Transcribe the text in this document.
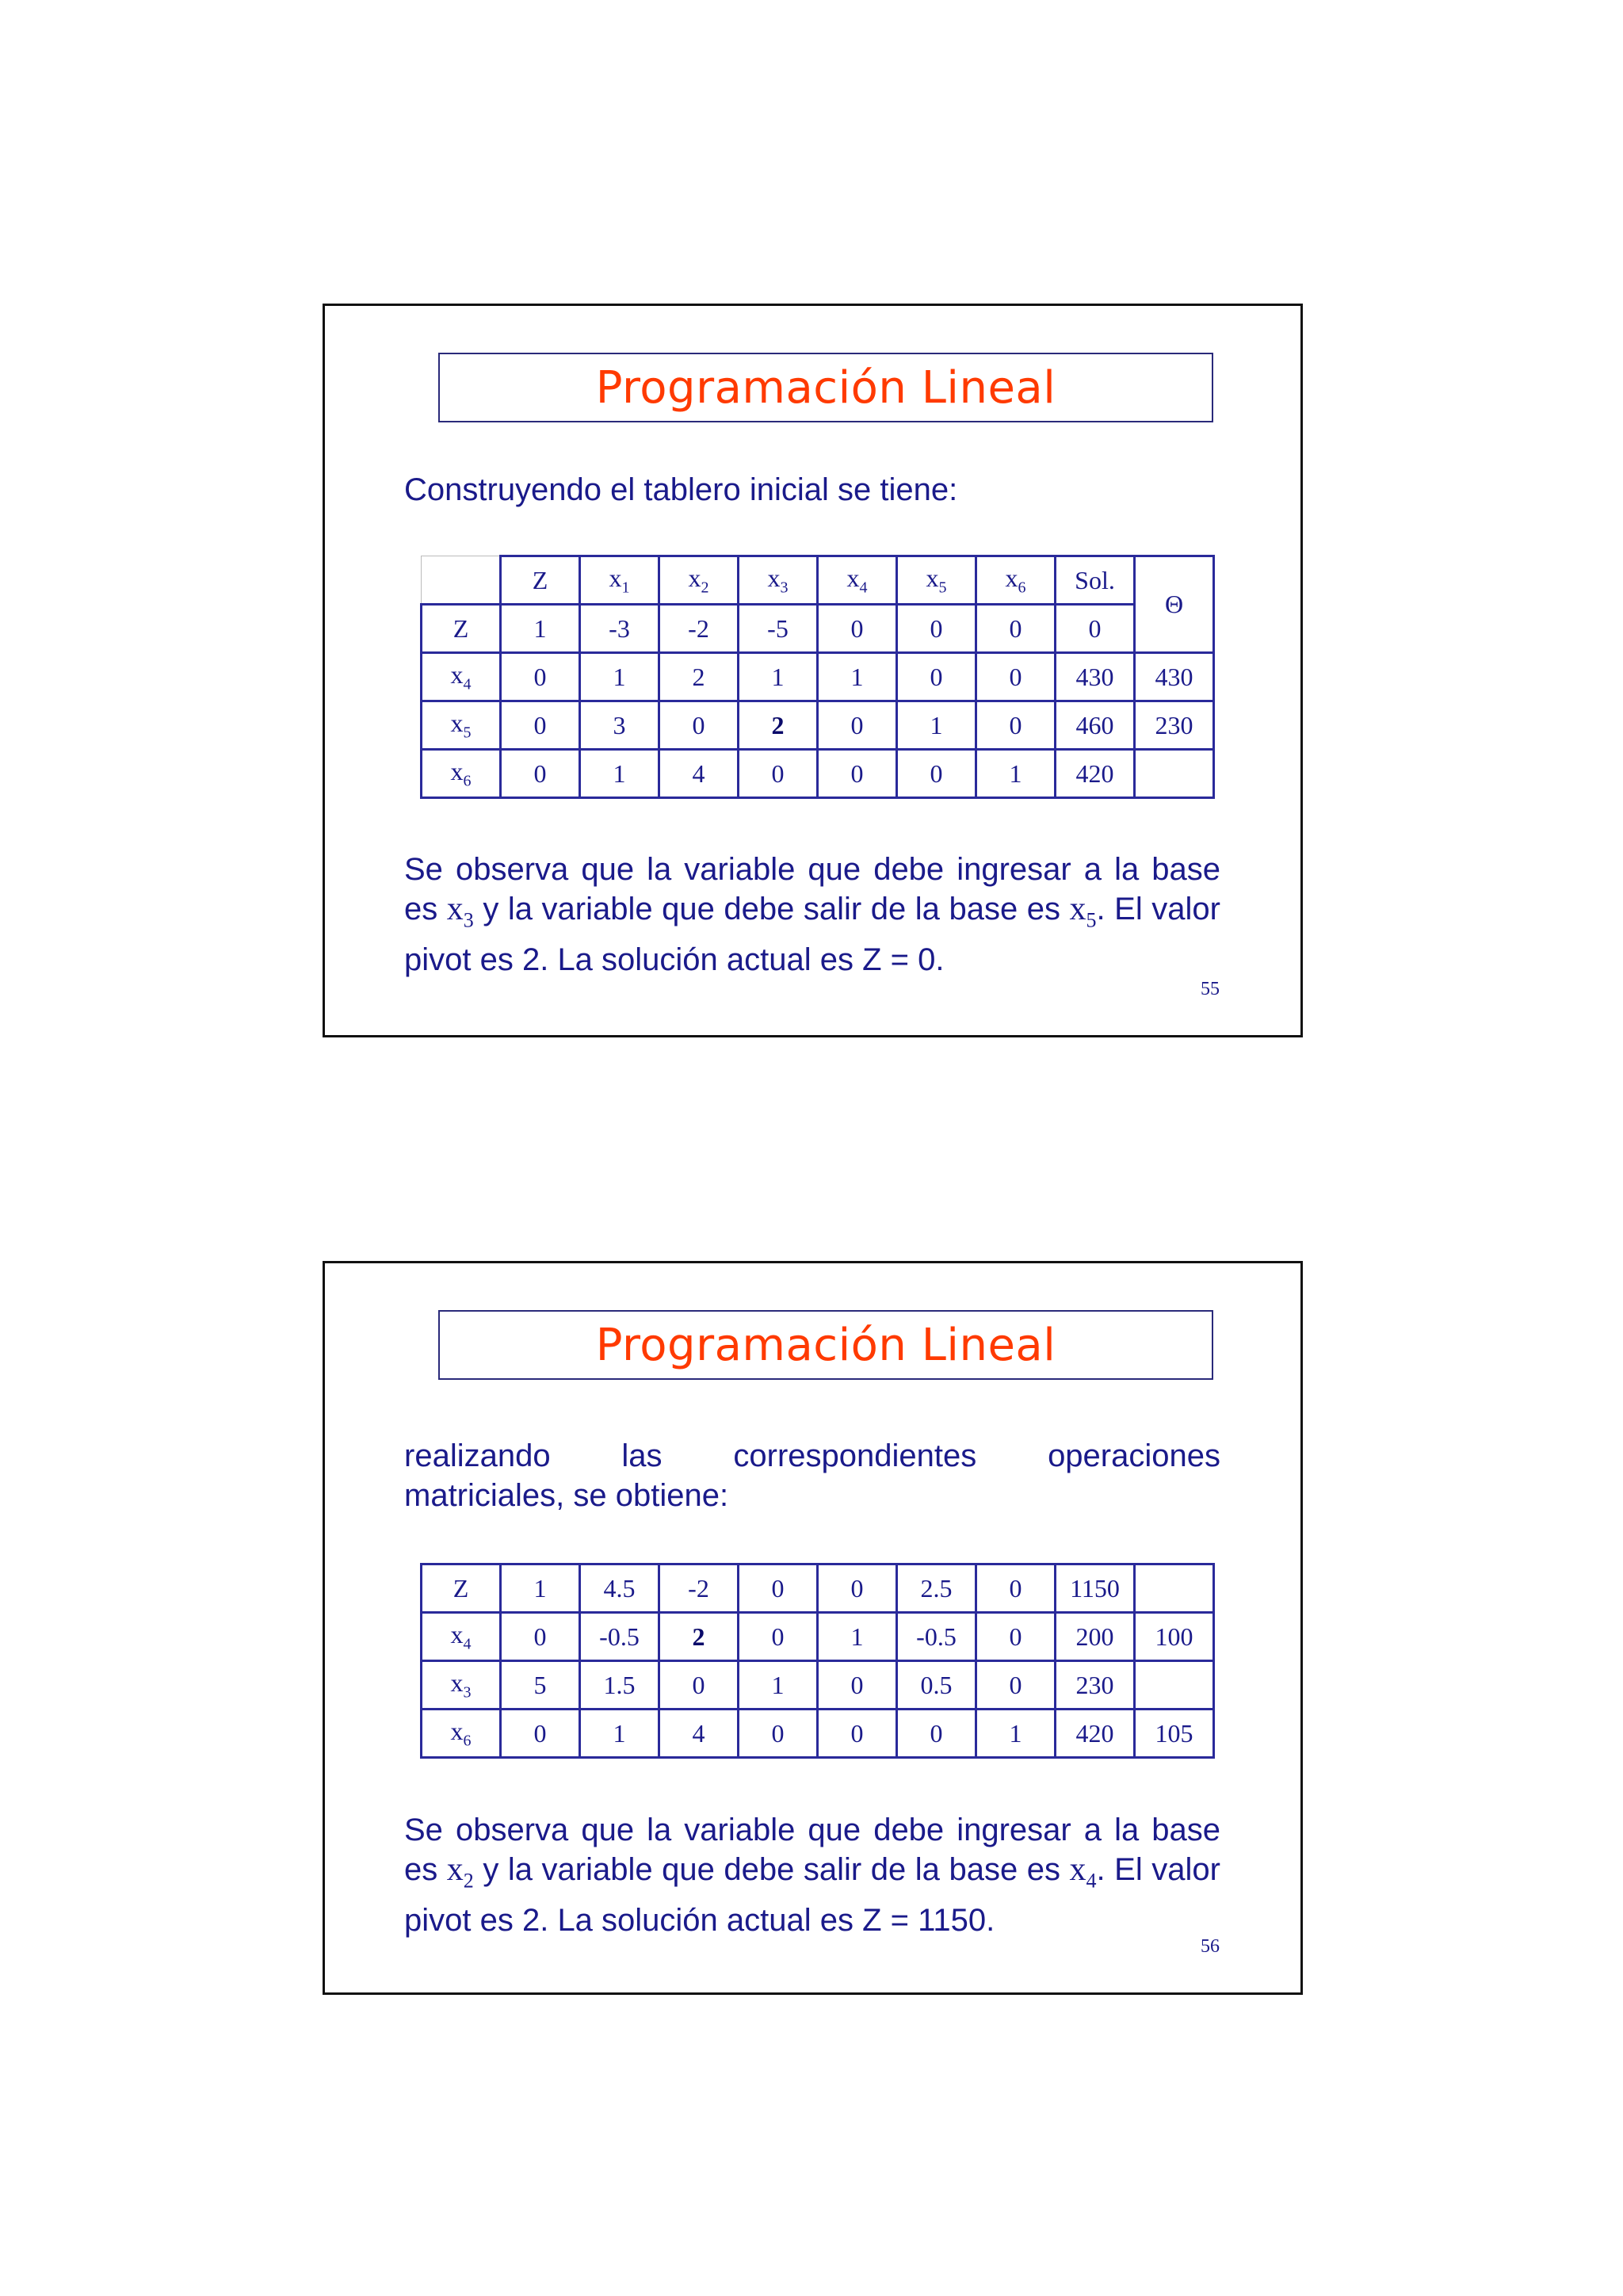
Programación Lineal
Construyendo el tablero inicial se tiene:
	Z	$x_1$	$x_2$	$x_3$	$x_4$	$x_5$	$x_6$	Sol.	Θ
Z	1	-3	-2	-5	0	0	0	0	
$x_4$	0	1	2	1	1	0	0	430	430
$x_5$	0	3	0	2	0	1	0	460	230
$x_6$	0	1	4	0	0	0	1	420	
Se observa que la variable que debe ingresar a la base es $x_3$ y la variable que debe salir de la base es $x_5$. El valor pivot es 2. La solución actual es Z = 0.
55
Programación Lineal
realizando las correspondientes operaciones
matriciales, se obtiene:
Z	1	4.5	-2	0	0	2.5	0	1150	
$x_4$	0	-0.5	2	0	1	-0.5	0	200	100
$x_3$	5	1.5	0	1	0	0.5	0	230	
$x_6$	0	1	4	0	0	0	1	420	105
Se observa que la variable que debe ingresar a la base es $x_2$ y la variable que debe salir de la base es $x_4$. El valor pivot es 2. La solución actual es Z = 1150.
56
